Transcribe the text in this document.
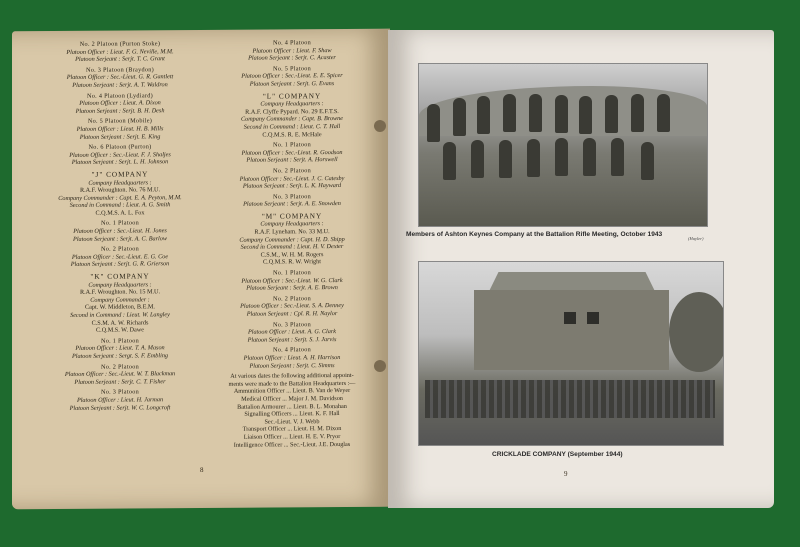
No. 2 Platoon (Purton Stoke)
Platoon Officer : Lieut. F. G. Neville, M.M.
Platoon Serjeant : Serjt. T. C. Grant
No. 3 Platoon (Braydon)
Platoon Officer : Sec.-Lieut. G. R. Gantlett
Platoon Serjeant : Serjt. A. T. Waldron
No. 4 Platoon (Lydiard)
Platoon Officer : Lieut. A. Dixon
Platoon Serjeant : Serjt. B. H. Desh
No. 5 Platoon (Mobile)
Platoon Officer : Lieut. H. B. Mills
Platoon Serjeant : Serjt. E. King
No. 6 Platoon (Purton)
Platoon Officer : Sec.-Lieut. F. J. Shaljes
Platoon Serjeant : Serjt. L. H. Johnson
"J" COMPANY
Company Headquarters :
R.A.F. Wroughton. No. 76 M.U.
Company Commander : Capt. E. A. Peyton, M.M.
Second in Command : Lieut. A. G. Smith
C.Q.M.S. A. L. Fox
No. 1 Platoon
Platoon Officer : Sec.-Lieut. H. Jones
Platoon Serjeant : Serjt. A. C. Barlow
No. 2 Platoon
Platoon Officer : Sec.-Lieut. E. G. Coe
Platoon Serjeant : Serjt. G. R. Grierson
"K" COMPANY
Company Headquarters :
R.A.F. Wroughton. No. 15 M.U.
Company Commander :
Capt. W. Middleton, B.E.M.
Second in Command : Lieut. W. Langley
C.S.M. A. W. Richards
C.Q.M.S. W. Dawe
No. 1 Platoon
Platoon Officer : Lieut. T. A. Mason
Platoon Serjeant : Sergt. S. F. Embling
No. 2 Platoon
Platoon Officer : Sec.-Lieut. W. T. Blackman
Platoon Serjeant : Serjt. C. T. Fisher
No. 3 Platoon
Platoon Officer : Lieut. H. Jarman
Platoon Serjeant : Serjt. W. C. Longcroft
No. 4 Platoon
Platoon Officer : Lieut. F. Shaw
Platoon Serjeant : Serjt. C. Acaster
No. 5 Platoon
Platoon Officer : Sec.-Lieut. E. E. Spicer
Platoon Serjeant : Serjt. G. Evans
"L" COMPANY
Company Headquarters :
R.A.F. Clyffe Pypard. No. 29 E.F.T.S.
Company Commander : Capt. B. Browne
Second in Command : Lieut. C. T. Hall
C.Q.M.S. R. E. McHale
No. 1 Platoon
Platoon Officer : Sec.-Lieut. R. Goodson
Platoon Serjeant : Serjt. A. Horswell
No. 2 Platoon
Platoon Officer : Sec.-Lieut. J. C. Catesby
Platoon Serjeant : Serjt. L. K. Hayward
No. 3 Platoon
Platoon Serjeant : Serjt. A. E. Snowden
"M" COMPANY
Company Headquarters :
R.A.F. Lyneham. No. 33 M.U.
Company Commander : Capt. H. D. Shipp
Second in Command : Lieut. H. V. Dexter
C.S.M., W. H. M. Rogers
C.Q.M.S. R. W. Wright
No. 1 Platoon
Platoon Officer : Sec.-Lieut. W. G. Clark
Platoon Serjeant : Serjt. A. E. Brown
No. 2 Platoon
Platoon Officer : Sec.-Lieut. S. A. Denney
Platoon Serjeant : Cpl. R. H. Naylor
No. 3 Platoon
Platoon Officer : Lieut. A. G. Clark
Platoon Serjeant : Serjt. S. J. Jarvis
No. 4 Platoon
Platoon Officer : Lieut. A. H. Harrison
Platoon Serjeant : Serjt. C. Simms
At various dates the following additional appoint-
ments were made to the Battalion Headquarters :—
Ammunition Officer ... Lieut. B. Van de Weyer
Medical Officer ... Major J. M. Davidson
Battalion Armourer ... Lieut. B. L. Monahan
Signalling Officers ... Lieut. K. F. Hall
Sec.-Lieut. V. J. Webb
Transport Officer ... Lieut. H. M. Dixon
Liaison Officer ... Lieut. H. E. V. Pryor
Intelligence Officer ... Sec.-Lieut. J.E. Douglas
8
Members of Ashton Keynes Company at the Battalion Rifle Meeting, October 1943
(Hayler)
CRICKLADE COMPANY (September 1944)
9
